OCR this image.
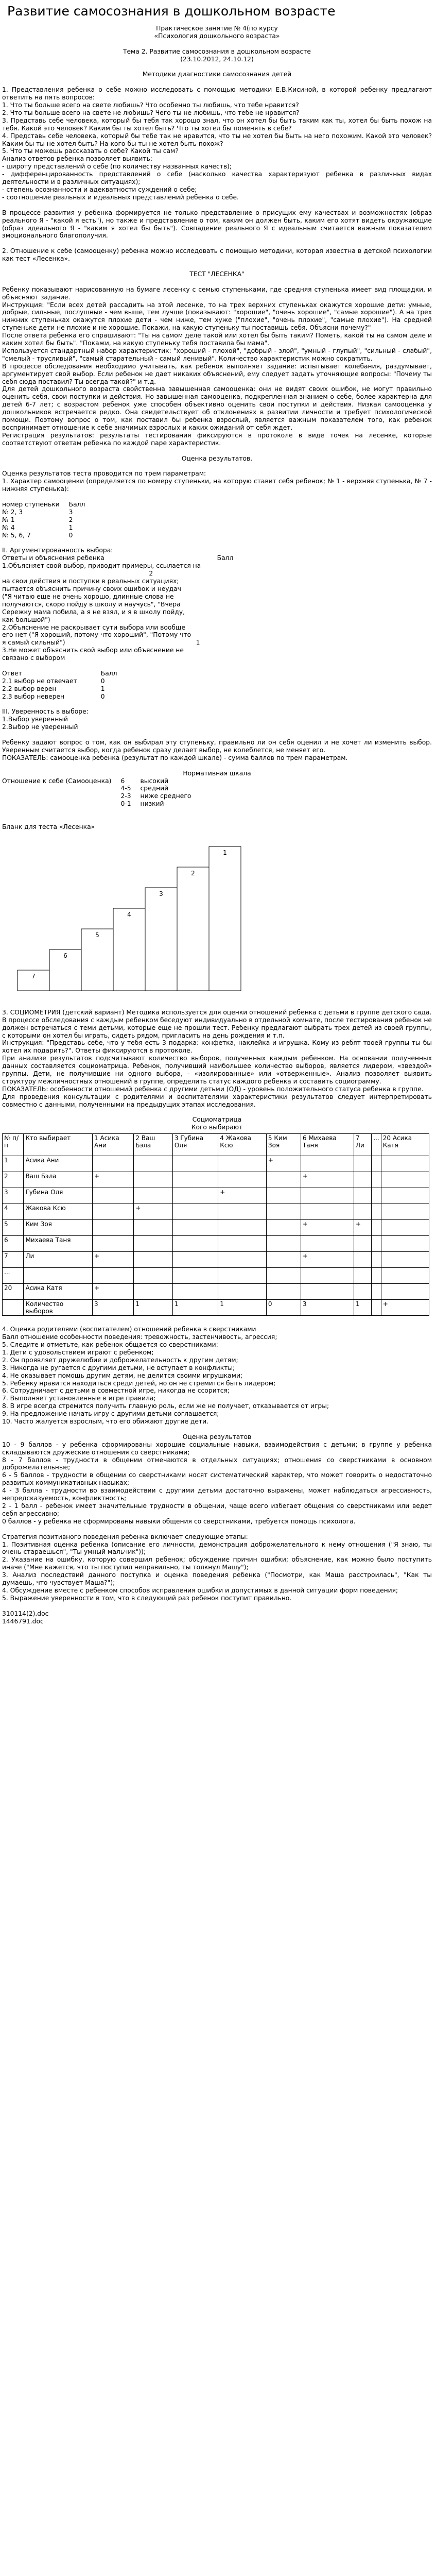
Развитие самосознания в дошкольном возрасте

Практическое занятие № 4(по курсу

«Психология дошкольного возраста»

Тема 2. Развитие самосознания в дошкольном возрасте

(23.10.2012, 24.10.12)

Методики диагностики самосознания детей

1. Представления ребенка о себе можно исследовать с помощью методики Е.В.Кисиной, в которой ребенку предлагают ответить на пять вопросов:

1. Что ты больше всего на свете любишь? Что особенно ты любишь, что тебе нравится?

2. Что ты больше всего на свете не любишь? Чего ты не любишь, что тебе не нравится?

3. Представь себе человека, который бы тебя так хорошо знал, что он хотел бы быть таким как ты, хотел бы быть похож на тебя. Какой это человек? Каким бы ты хотел быть? Что ты хотел бы поменять в себе?

4. Представь себе человека, который бы тебе так не нравится, что ты не хотел бы быть на него похожим. Какой это человек? Каким бы ты не хотел быть? На кого бы ты не хотел быть похож?

5. Что ты можешь рассказать о себе? Какой ты сам?

Анализ ответов ребенка позволяет выявить:

- широту представлений о себе (по количеству названных качеств);

- дифференцированность представлений о себе (насколько качества характеризуют ребенка в различных видах деятельности и в различных ситуациях);

- степень осознанности и адекватности суждений о себе;

- соотношение реальных и идеальных представлений ребенка о себе.

В процессе развития у ребенка формируется не только представление о присущих ему качествах и возможностях (образ реального Я - "какой я есть"), но также и представление о том, каким он должен быть, каким его хотят видеть окружающие (образ идеального Я - "каким я хотел бы быть"). Совпадение реального Я с идеальным считается важным показателем эмоционального благополучия.

2. Отношение к себе (самооценку) ребенка можно исследовать с помощью методики, которая известна в детской психологии как тест «Лесенка».

ТЕСТ "ЛЕСЕНКА"

Ребенку показывают нарисованную на бумаге лесенку с семью ступеньками, где средняя ступенька имеет вид площадки, и объясняют задание.

Инструкция: "Если всех детей рассадить на этой лесенке, то на трех верхних ступеньках окажутся хорошие дети: умные, добрые, сильные, послушные - чем выше, тем лучше (показывают: "хорошие", "очень хорошие", "самые хорошие"). А на трех нижних ступеньках окажутся плохие дети - чем ниже, тем хуже ("плохие", "очень плохие", "самые плохие"). На средней ступеньке дети не плохие и не хорошие. Покажи, на какую ступеньку ты поставишь себя. Объясни почему?"

После ответа ребенка его спрашивают: "Ты на самом деле такой или хотел бы быть таким? Пометь, какой ты на самом деле и каким хотел бы быть". "Покажи, на какую ступеньку тебя поставила бы мама".

Используется стандартный набор характеристик: "хороший - плохой", "добрый - злой", "умный - глупый", "сильный - слабый", "смелый - трусливый", "самый старательный - самый ленивый". Количество характеристик можно сократить.

В процессе обследования необходимо учитывать, как ребенок выполняет задание: испытывает колебания, раздумывает, аргументирует свой выбор. Если ребенок не дает никаких объяснений, ему следует задать уточняющие вопросы: "Почему ты себя сюда поставил? Ты всегда такой?" и т.д.

Для детей дошкольного возраста свойственна завышенная самооценка: они не видят своих ошибок, не могут правильно оценить себя, свои поступки и действия. Но завышенная самооценка, подкрепленная знанием о себе, более характерна для детей 6-7 лет; с возрастом ребенок уже способен объективно оценить свои поступки и действия. Низкая самооценка у дошкольников встречается редко. Она свидетельствует об отклонениях в развитии личности и требует психологической помощи. Поэтому вопрос о том, как поставил бы ребенка взрослый, является важным показателем того, как ребенок воспринимает отношение к себе значимых взрослых и каких ожиданий от себя ждет.

Регистрация результатов: результаты тестирования фиксируются в протоколе в виде точек на лесенке, которые соответствуют ответам ребенка по каждой паре характеристик.

Оценка результатов.

Оценка результатов теста проводится по трем параметрам:

1. Характер самооценки (определяется по номеру ступеньки, на которую ставит себя ребенок; № 1 - верхняя ступенька, № 7 - нижняя ступенька):

номер ступеньки	Балл
№ 2, 3	3
№ 1	2
№ 4	1
№ 5, 6, 7	0

II. Аргументированность выбора:

Ответы и объяснения ребенка                                                        Балл

1.Объясняет свой выбор, приводит примеры, ссылается на

2

на свои действия и поступки в реальных ситуациях;

пытается объяснить причину своих ошибок и неудач

("Я читаю еще не очень хорошо, длинные слова не

получаются, скоро пойду в школу и научусь", "Вчера

Сережку мама побила, а я не взял, и я в школу пойду,

как большой")

2.Объяснение не раскрывает сути выбора или вообще

его нет ("Я хороший, потому что хороший", "Потому что

я самый сильный")                                                                 1

3.Не может объяснить свой выбор или объяснение не

связано с выбором

Ответ	Балл
2.1 выбор не отвечает	0
2.2 выбор верен	1
2.3 выбор неверен	0

III. Уверенность в выборе:

1.Выбор уверенный

2.Выбор не уверенный

Ребенку задают вопрос о том, как он выбирал эту ступеньку, правильно ли он себя оценил и не хочет ли изменить выбор. Уверенным считается выбор, когда ребенок сразу делает выбор, не колеблется, не меняет его.

ПОКАЗАТЕЛЬ: самооценка ребенка (результат по каждой шкале) - сумма баллов по трем параметрам.

Нормативная шкала

Отношение к себе (Самооценка)	6	высокий
	4-5	средний
	2-3	ниже среднего
	0-1	низкий

Бланк для теста «Лесенка»

1
2
3
4
5
6
7

3. СОЦИОМЕТРИЯ (детский вариант) Методика используется для оценки отношений ребенка с детьми в группе детского сада.

В процессе обследования с каждым ребенком беседуют индивидуально в отдельной комнате, после тестирования ребенок не должен встречаться с теми детьми, которые еще не прошли тест. Ребенку предлагают выбрать трех детей из своей группы, с которыми он хотел бы играть, сидеть рядом, пригласить на день рождения и т.п.

Инструкция: "Представь себе, что у тебя есть 3 подарка: конфетка, наклейка и игрушка. Кому из ребят твоей группы ты бы хотел их подарить?". Ответы фиксируются в протоколе.

При анализе результатов подсчитывают количество выборов, полученных каждым ребенком. На основании полученных данных составляется социоматрица. Ребенок, получивший наибольшее количество выборов, является лидером, «звездой» группы. Дети, не получившие ни одного выбора, - «изолированные» или «отверженные». Анализ позволяет выявить структуру межличностных отношений в группе, определить статус каждого ребенка и составить социограмму.

ПОКАЗАТЕЛЬ: особенности отношений ребенка с другими детьми (ОД) - уровень положительного статуса ребенка в группе.

Для проведения консультации с родителями и воспитателями характеристики результатов следует интерпретировать совместно с данными, полученными на предыдущих этапах исследования.

Социоматрица

Кого выбирают

№ п/п	Кто выбирает	1 Асика Ани	2 Ваш Бэла	3 Губина Оля	4 Жакова Ксю	5 Ким Зоя	6 Михаева Таня	7 Ли	...	20 Асика Катя
1	Асика Ани					+				
2	Ваш Бэла	+					+			
3	Губина Оля				+					
4	Жакова Ксю		+							
5	Ким Зоя						+	+		
6	Михаева Таня									
7	Ли	+					+			
...										
20	Асика Катя	+								
	Количество выборов	3	1	1	1	0	3	1		+

4. Оценка родителями (воспитателем) отношений ребенка в сверстниками

Балл отношение особенности поведения: тревожность, застенчивость, агрессия;

5. Следите и отметьте, как ребенок общается со сверстниками:

1. Дети с удовольствием играют с ребенком;

2. Он проявляет дружелюбие и доброжелательность к другим детям;

3. Никогда не ругается с другими детьми, не вступает в конфликты;

4. Не оказывает помощь другим детям, не делится своими игрушками;

5. Ребенку нравится находиться среди детей, но он не стремится быть лидером;

6. Сотрудничает с детьми в совместной игре, никогда не ссорится;

7. Выполняет установленные в игре правила;

8. В игре всегда стремится получить главную роль, если же не получает, отказывается от игры;

9. На предложение начать игру с другими детьми соглашается;

10. Часто жалуется взрослым, что его обижают другие дети.

Оценка результатов

10 - 9 баллов - у ребенка сформированы хорошие социальные навыки, взаимодействия с детьми; в группе у ребенка складываются дружеские отношения со сверстниками;

8 - 7 баллов - трудности в общении отмечаются в отдельных ситуациях; отношения со сверстниками в основном доброжелательные;

6 - 5 баллов - трудности в общении со сверстниками носят систематический характер, что может говорить о недостаточно развитых коммуникативных навыках;

4 - 3 балла - трудности во взаимодействии с другими детьми достаточно выражены, может наблюдаться агрессивность, непредсказуемость, конфликтность;

2 - 1 балл - ребенок имеет значительные трудности в общении, чаще всего избегает общения со сверстниками или ведет себя агрессивно;

0 баллов - у ребенка не сформированы навыки общения со сверстниками, требуется помощь психолога.

Стратегия позитивного поведения ребенка включает следующие этапы:

1. Позитивная оценка ребенка (описание его личности, демонстрация доброжелательного к нему отношения ("Я знаю, ты очень стараешься", "Ты умный мальчик"));

2. Указание на ошибку, которую совершил ребенок; обсуждение причин ошибки; объяснение, как можно было поступить иначе ("Мне кажется, что ты поступил неправильно, ты толкнул Машу");

3. Анализ последствий данного поступка и оценка поведения ребенка ("Посмотри, как Маша расстроилась", "Как ты думаешь, что чувствует Маша?");

4. Обсуждение вместе с ребенком способов исправления ошибки и допустимых в данной ситуации форм поведения;

5. Выражение уверенности в том, что в следующий раз ребенок поступит правильно.

310114(2).doc

1446791.doc
